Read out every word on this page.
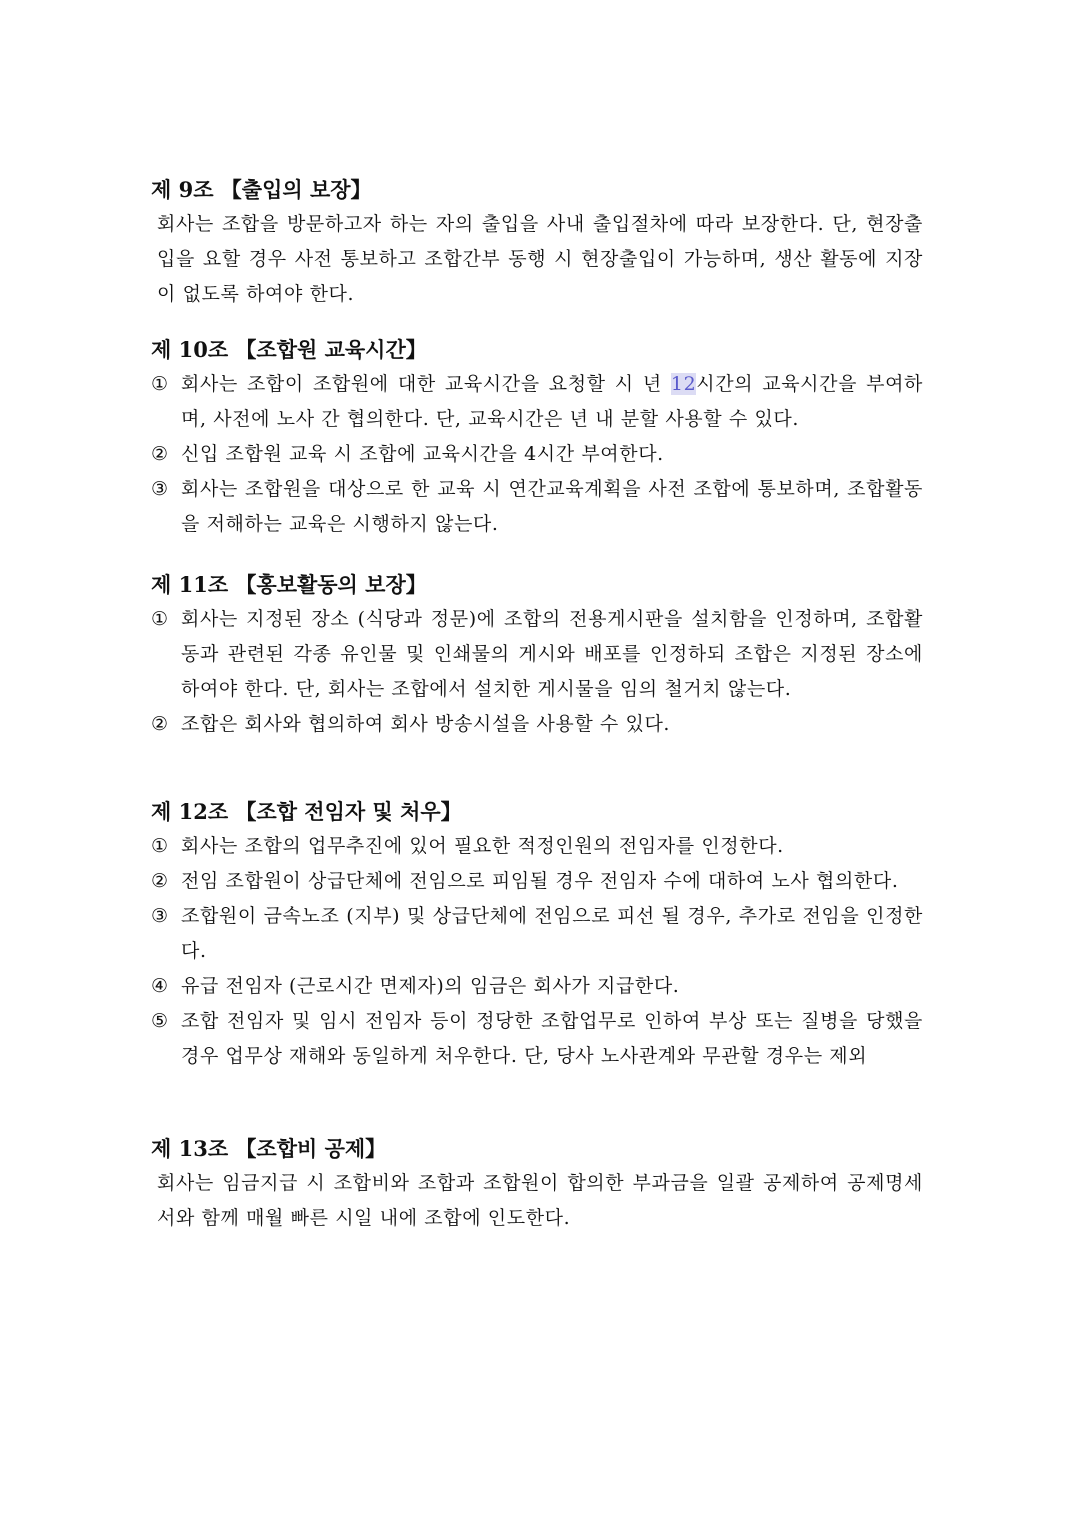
제 9조 【출입의 보장】

회사는 조합을 방문하고자 하는 자의 출입을 사내 출입절차에 따라 보장한다. 단, 현장출입을 요할 경우 사전 통보하고 조합간부 동행 시 현장출입이 가능하며, 생산 활동에 지장이 없도록 하여야 한다.

제 10조 【조합원 교육시간】
① 회사는 조합이 조합원에 대한 교육시간을 요청할 시 년 12시간의 교육시간을 부여하며, 사전에 노사 간 협의한다. 단, 교육시간은 년 내 분할 사용할 수 있다.
② 신입 조합원 교육 시 조합에 교육시간을 4시간 부여한다.
③ 회사는 조합원을 대상으로 한 교육 시 연간교육계획을 사전 조합에 통보하며, 조합활동을 저해하는 교육은 시행하지 않는다.
제 11조 【홍보활동의 보장】
① 회사는 지정된 장소 (식당과 정문)에 조합의 전용게시판을 설치함을 인정하며, 조합활동과 관련된 각종 유인물 및 인쇄물의 게시와 배포를 인정하되 조합은 지정된 장소에 하여야 한다. 단, 회사는 조합에서 설치한 게시물을 임의 철거치 않는다.
② 조합은 회사와 협의하여 회사 방송시설을 사용할 수 있다.
제 12조 【조합 전임자 및 처우】
① 회사는 조합의 업무추진에 있어 필요한 적정인원의 전임자를 인정한다.
② 전임 조합원이 상급단체에 전임으로 피임될 경우 전임자 수에 대하여 노사 협의한다.
③ 조합원이 금속노조 (지부) 및 상급단체에 전임으로 피선 될 경우, 추가로 전임을 인정한다.
④ 유급 전임자 (근로시간 면제자)의 임금은 회사가 지급한다.
⑤ 조합 전임자 및 임시 전임자 등이 정당한 조합업무로 인하여 부상 또는 질병을 당했을 경우 업무상 재해와 동일하게 처우한다. 단, 당사 노사관계와 무관할 경우는 제외
제 13조 【조합비 공제】

회사는 임금지급 시 조합비와 조합과 조합원이 합의한 부과금을 일괄 공제하여 공제명세서와 함께 매월 빠른 시일 내에 조합에 인도한다.
